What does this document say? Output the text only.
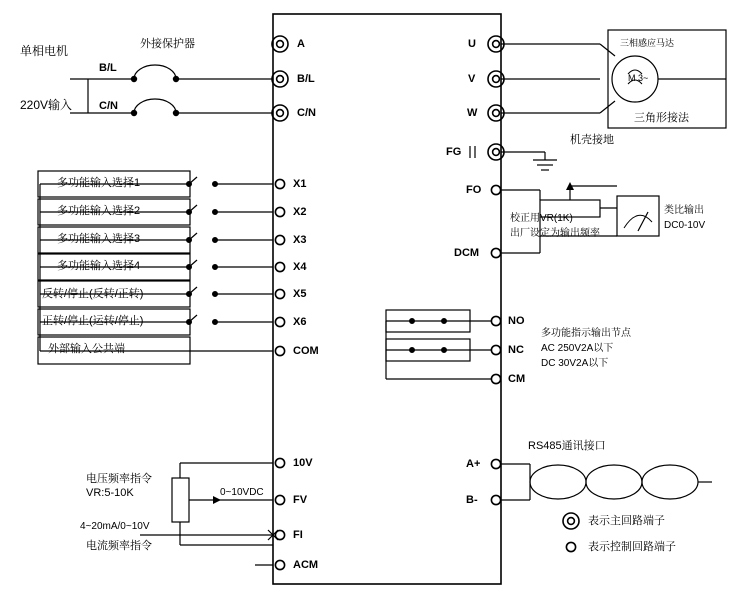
A
B/L
C/N
X1
X2
X3
X4
X5
X6
COM
10V
FV
FI
ACM
U
V
W
FG
FO
DCM
NO
NC
CM
A+
B-
外接保护器
单相电机
220V输入
B/L
C/N
多功能输入选择1
多功能输入选择2
多功能输入选择3
多功能输入选择4
反转/停止(反转/正转)
正转/停止(运转/停止)
外部输入公共端
电压频率指令
VR:5-10K	0~10VDC
4~20mA/0~10V
电流频率指令
三相感应马达
三角形接法
机壳接地
校正用VR(1K)
出厂设定为输出频率
类比输出
DC0-10V
多功能指示输出节点
AC 250V2A以下
DC 30V2A以下
RS485通讯接口
M 3~
表示主回路端子
表示控制回路端子
